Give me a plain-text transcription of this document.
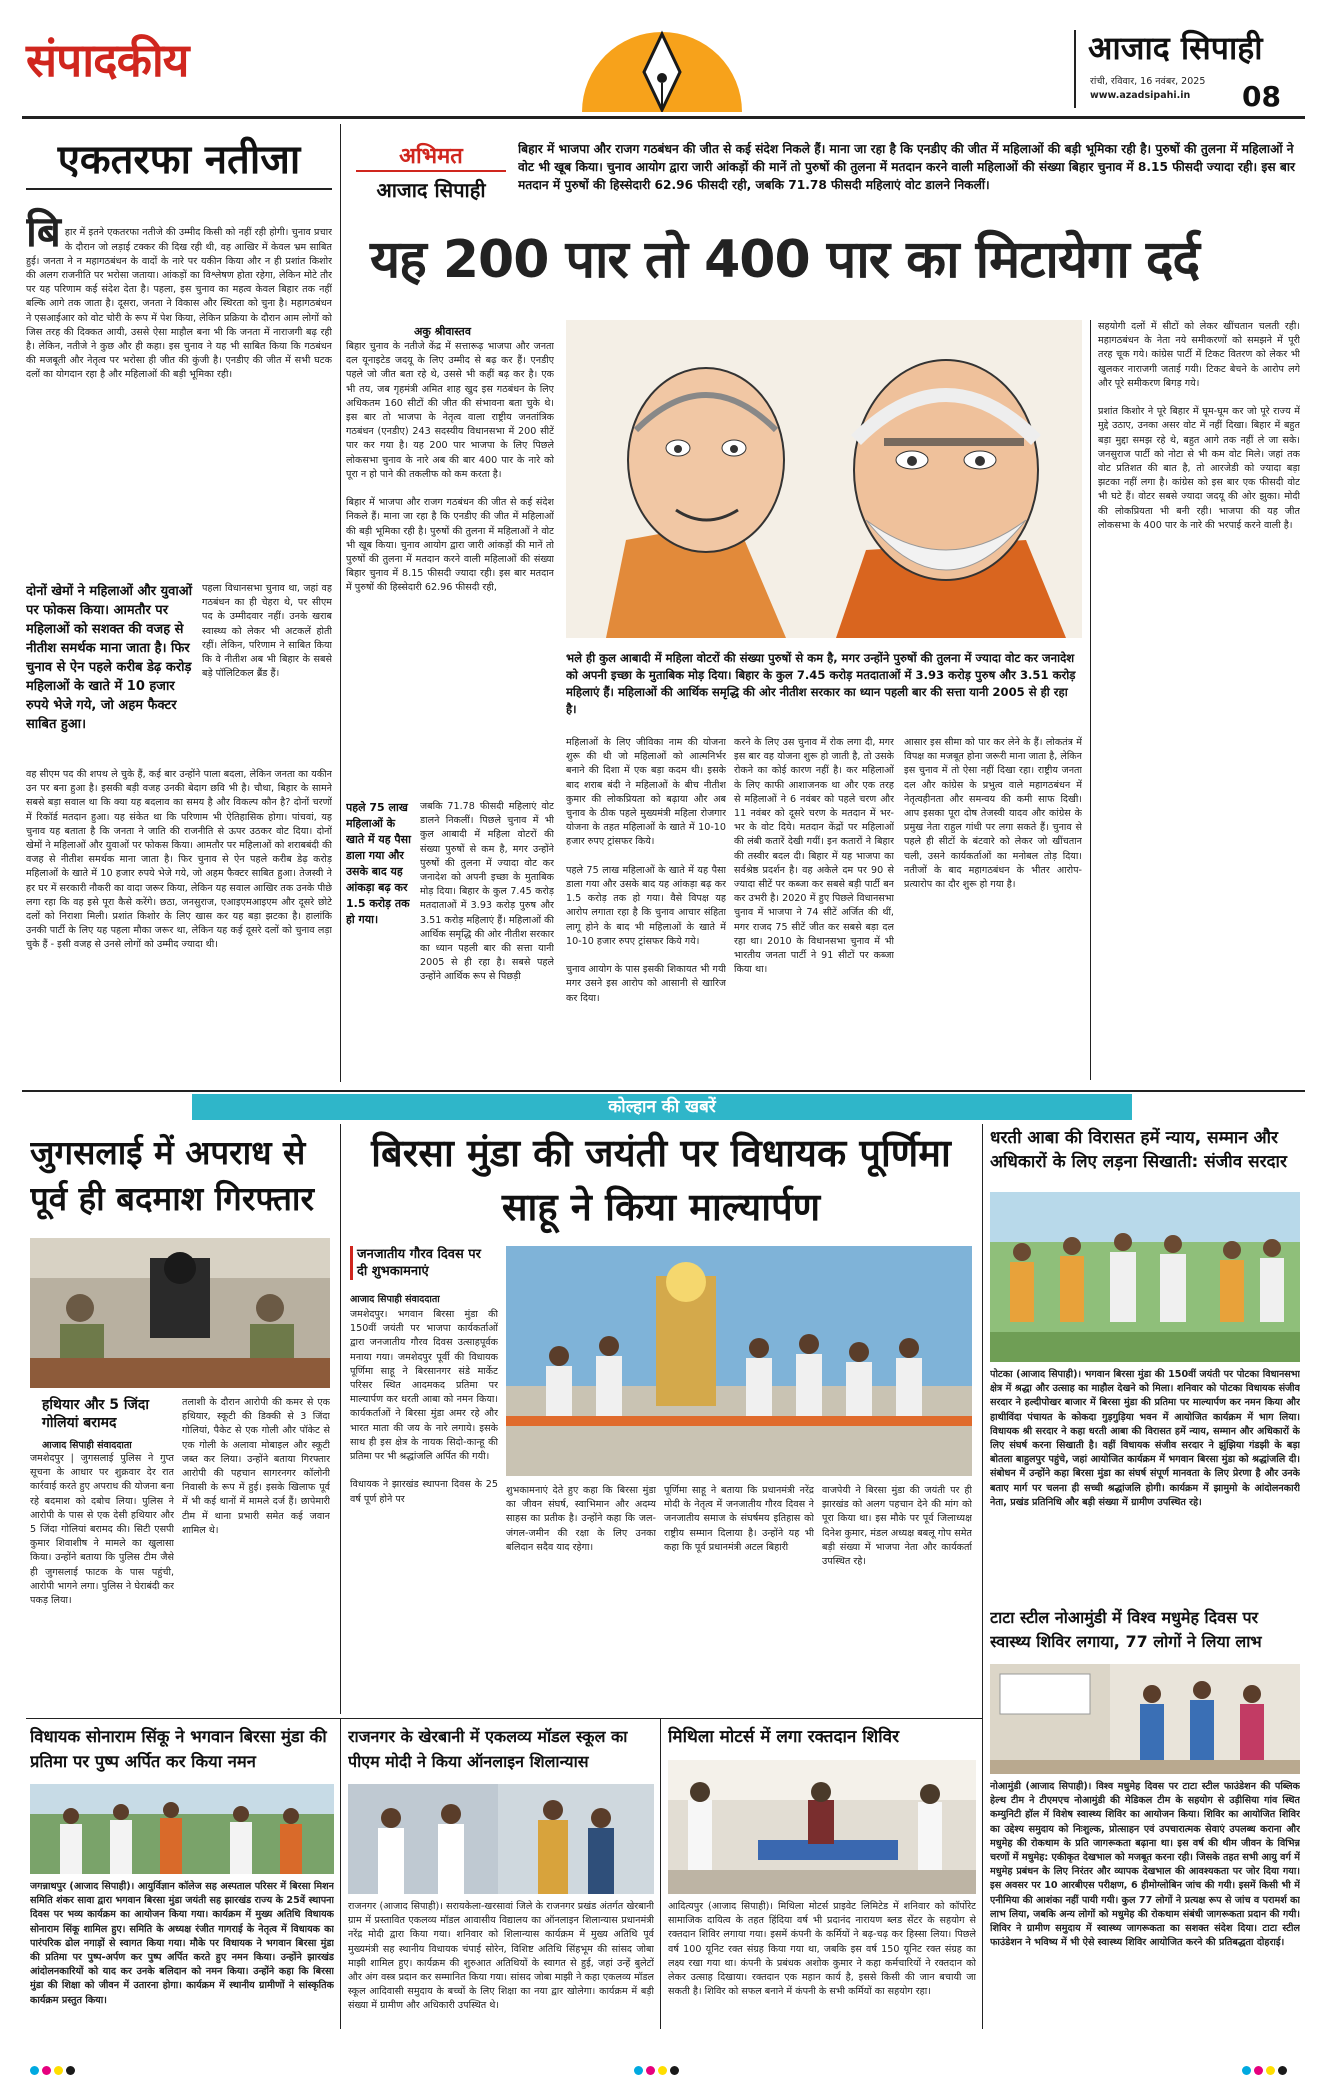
संपादकीय	आजाद सिपाही
रांची, रविवार, 16 नवंबर, 2025
www.azadsipahi.in 08
एकतरफा नतीजा

बि हार में इतने एकतरफा नतीजे की उम्मीद किसी को नहीं रही होगी। चुनाव प्रचार के दौरान जो लड़ाई टक्कर की दिख रही थी, वह आखिर में केवल भ्रम साबित हुई। जनता ने न महागठबंधन के वादों के नारे पर यकीन किया और न ही प्रशांत किशोर की अलग राजनीति पर भरोसा जताया। आंकड़ों का विश्लेषण होता रहेगा, लेकिन मोटे तौर पर यह परिणाम कई संदेश देता है। पहला, इस चुनाव का महत्व केवल बिहार तक नहीं बल्कि आगे तक जाता है। दूसरा, जनता ने विकास और स्थिरता को चुना है। महागठबंधन ने एसआईआर को वोट चोरी के रूप में पेश किया, लेकिन प्रक्रिया के दौरान आम लोगों को जिस तरह की दिक्कत आयी, उससे ऐसा माहौल बना भी कि जनता में नाराजगी बढ़ रही है। लेकिन, नतीजे ने कुछ और ही कहा। इस चुनाव ने यह भी साबित किया कि गठबंधन की मजबूती और नेतृत्व पर भरोसा ही जीत की कुंजी है। एनडीए की जीत में सभी घटक दलों का योगदान रहा है और महिलाओं की बड़ी भूमिका रही।

दोनों खेमों ने महिलाओं और युवाओं पर फोकस किया। आमतौर पर महिलाओं को सशक्त की वजह से नीतीश समर्थक माना जाता है। फिर चुनाव से ऐन पहले करीब डेढ़ करोड़ महिलाओं के खाते में 10 हजार रुपये भेजे गये, जो अहम फैक्टर साबित हुआ।
पहला विधानसभा चुनाव था, जहां वह गठबंधन का ही चेहरा थे, पर सीएम पद के उम्मीदवार नहीं। उनके खराब स्वास्थ्य को लेकर भी अटकलें होती रहीं। लेकिन, परिणाम ने साबित किया कि वे नीतीश अब भी बिहार के सबसे बड़े पॉलिटिकल ब्रैंड हैं।
वह सीएम पद की शपथ ले चुके हैं, कई बार उन्होंने पाला बदला, लेकिन जनता का यकीन उन पर बना हुआ है। इसकी बड़ी वजह उनकी बेदाग छवि भी है। चौथा, बिहार के सामने सबसे बड़ा सवाल था कि क्या यह बदलाव का समय है और विकल्प कौन है? दोनों चरणों में रिकॉर्ड मतदान हुआ। यह संकेत था कि परिणाम भी ऐतिहासिक होगा। पांचवां, यह चुनाव यह बताता है कि जनता ने जाति की राजनीति से ऊपर उठकर वोट दिया। दोनों खेमों ने महिलाओं और युवाओं पर फोकस किया। आमतौर पर महिलाओं को शराबबंदी की वजह से नीतीश समर्थक माना जाता है। फिर चुनाव से ऐन पहले करीब डेढ़ करोड़ महिलाओं के खाते में 10 हजार रुपये भेजे गये, जो अहम फैक्टर साबित हुआ। तेजस्वी ने हर घर में सरकारी नौकरी का वादा जरूर किया, लेकिन यह सवाल आखिर तक उनके पीछे लगा रहा कि वह इसे पूरा कैसे करेंगे। छठा, जनसुराज, एआइएमआइएम और दूसरे छोटे दलों को निराशा मिली। प्रशांत किशोर के लिए खास कर यह बड़ा झटका है। हालांकि उनकी पार्टी के लिए यह पहला मौका जरूर था, लेकिन यह कई दूसरे दलों को चुनाव लड़ा चुके हैं - इसी वजह से उनसे लोगों को उम्मीद ज्यादा थी।
अभिमत
आजाद सिपाही
बिहार में भाजपा और राजग गठबंधन की जीत से कई संदेश निकले हैं। माना जा रहा है कि एनडीए की जीत में महिलाओं की बड़ी भूमिका रही है। पुरुषों की तुलना में महिलाओं ने वोट भी खूब किया। चुनाव आयोग द्वारा जारी आंकड़ों की मानें तो पुरुषों की तुलना में मतदान करने वाली महिलाओं की संख्या बिहार चुनाव में 8.15 फीसदी ज्यादा रही। इस बार मतदान में पुरुषों की हिस्सेदारी 62.96 फीसदी रही, जबकि 71.78 फीसदी महिलाएं वोट डालने निकलीं।
यह 200 पार तो 400 पार का मिटायेगा दर्द
अकु श्रीवास्तव
बिहार चुनाव के नतीजे केंद्र में सत्तारूढ़ भाजपा और जनता दल यूनाइटेड जदयू के लिए उम्मीद से बढ़ कर हैं। एनडीए पहले जो जीत बता रहे थे, उससे भी कहीं बढ़ कर है। एक भी तय, जब गृहमंत्री अमित शाह खुद इस गठबंधन के लिए अधिकतम 160 सीटों की जीत की संभावना बता चुके थे। इस बार तो भाजपा के नेतृत्व वाला राष्ट्रीय जनतांत्रिक गठबंधन (एनडीए) 243 सदस्यीय विधानसभा में 200 सीटें पार कर गया है। यह 200 पार भाजपा के लिए पिछले लोकसभा चुनाव के नारे अब की बार 400 पार के नारे को पूरा न हो पाने की तकलीफ को कम करता है।

बिहार में भाजपा और राजग गठबंधन की जीत से कई संदेश निकले हैं। माना जा रहा है कि एनडीए की जीत में महिलाओं की बड़ी भूमिका रही है। पुरुषों की तुलना में महिलाओं ने वोट भी खूब किया। चुनाव आयोग द्वारा जारी आंकड़ों की मानें तो पुरुषों की तुलना में मतदान करने वाली महिलाओं की संख्या बिहार चुनाव में 8.15 फीसदी ज्यादा रही। इस बार मतदान में पुरुषों की हिस्सेदारी 62.96 फीसदी रही,
पहले 75 लाख महिलाओं के खाते में यह पैसा डाला गया और उसके बाद यह आंकड़ा बढ़ कर 1.5 करोड़ तक हो गया।
जबकि 71.78 फीसदी महिलाएं वोट डालने निकलीं। पिछले चुनाव में भी कुल आबादी में महिला वोटरों की संख्या पुरुषों से कम है, मगर उन्होंने पुरुषों की तुलना में ज्यादा वोट कर जनादेश को अपनी इच्छा के मुताबिक मोड़ दिया। बिहार के कुल 7.45 करोड़ मतदाताओं में 3.93 करोड़ पुरुष और 3.51 करोड़ महिलाएं हैं। महिलाओं की आर्थिक समृद्धि की ओर नीतीश सरकार का ध्यान पहली बार की सत्ता यानी 2005 से ही रहा है। सबसे पहले उन्होंने आर्थिक रूप से पिछड़ी
भले ही कुल आबादी में महिला वोटरों की संख्या पुरुषों से कम है, मगर उन्होंने पुरुषों की तुलना में ज्यादा वोट कर जनादेश को अपनी इच्छा के मुताबिक मोड़ दिया। बिहार के कुल 7.45 करोड़ मतदाताओं में 3.93 करोड़ पुरुष और 3.51 करोड़ महिलाएं हैं। महिलाओं की आर्थिक समृद्धि की ओर नीतीश सरकार का ध्यान पहली बार की सत्ता यानी 2005 से ही रहा है।
महिलाओं के लिए जीविका नाम की योजना शुरू की थी जो महिलाओं को आत्मनिर्भर बनाने की दिशा में एक बड़ा कदम थी। इसके बाद शराब बंदी ने महिलाओं के बीच नीतीश कुमार की लोकप्रियता को बढ़ाया और अब चुनाव के ठीक पहले मुख्यमंत्री महिला रोजगार योजना के तहत महिलाओं के खाते में 10-10 हजार रुपए ट्रांसफर किये।

पहले 75 लाख महिलाओं के खाते में यह पैसा डाला गया और उसके बाद यह आंकड़ा बढ़ कर 1.5 करोड़ तक हो गया। वैसे विपक्ष यह आरोप लगाता रहा है कि चुनाव आचार संहिता लागू होने के बाद भी महिलाओं के खाते में 10-10 हजार रुपए ट्रांसफर किये गये।

चुनाव आयोग के पास इसकी शिकायत भी गयी मगर उसने इस आरोप को आसानी से खारिज कर दिया।
करने के लिए उस चुनाव में रोक लगा दी, मगर इस बार वह योजना शुरू हो जाती है, तो उसके रोकने का कोई कारण नहीं है। कर महिलाओं के लिए काफी आशाजनक था और एक तरह से महिलाओं ने 6 नवंबर को पहले चरण और 11 नवंबर को दूसरे चरण के मतदान में भर-भर के वोट दिये। मतदान केंद्रों पर महिलाओं की लंबी कतारें देखी गयीं। इन कतारों ने बिहार की तस्वीर बदल दी। बिहार में यह भाजपा का सर्वश्रेष्ठ प्रदर्शन है। वह अकेले दम पर 90 से ज्यादा सीटें पर कब्जा कर सबसे बड़ी पार्टी बन कर उभरी है। 2020 में हुए पिछले विधानसभा चुनाव में भाजपा ने 74 सीटें अर्जित की थीं, मगर राजद 75 सीटें जीत कर सबसे बड़ा दल रहा था। 2010 के विधानसभा चुनाव में भी भारतीय जनता पार्टी ने 91 सीटों पर कब्जा किया था।
आसार इस सीमा को पार कर लेने के हैं। लोकतंत्र में विपक्ष का मजबूत होना जरूरी माना जाता है, लेकिन इस चुनाव में तो ऐसा नहीं दिखा रहा। राष्ट्रीय जनता दल और कांग्रेस के प्रभुत्व वाले महागठबंधन में नेतृत्वहीनता और समन्वय की कमी साफ दिखी। आप इसका पूरा दोष तेजस्वी यादव और कांग्रेस के प्रमुख नेता राहुल गांधी पर लगा सकते हैं। चुनाव से पहले ही सीटों के बंटवारे को लेकर जो खींचतान चली, उसने कार्यकर्ताओं का मनोबल तोड़ दिया। नतीजों के बाद महागठबंधन के भीतर आरोप-प्रत्यारोप का दौर शुरू हो गया है।
सहयोगी दलों में सीटों को लेकर खींचतान चलती रही। महागठबंधन के नेता नये समीकरणों को समझने में पूरी तरह चूक गये। कांग्रेस पार्टी में टिकट वितरण को लेकर भी खुलकर नाराजगी जताई गयी। टिकट बेचने के आरोप लगे और पूरे समीकरण बिगड़ गये।

प्रशांत किशोर ने पूरे बिहार में घूम-घूम कर जो पूरे राज्य में मुद्दे उठाए, उनका असर वोट में नहीं दिखा। बिहार में बहुत बड़ा मुद्दा समझ रहे थे, बहुत आगे तक नहीं ले जा सके। जनसुराज पार्टी को नोटा से भी कम वोट मिले। जहां तक वोट प्रतिशत की बात है, तो आरजेडी को ज्यादा बड़ा झटका नहीं लगा है। कांग्रेस को इस बार एक फीसदी वोट भी घटे हैं। वोटर सबसे ज्यादा जदयू की ओर झुका। मोदी की लोकप्रियता भी बनी रही। भाजपा की यह जीत लोकसभा के 400 पार के नारे की भरपाई करने वाली है।
कोल्हान की खबरें
जुगसलाई में अपराध से पूर्व ही बदमाश गिरफ्तार
हथियार और 5 जिंदा गोलियां बरामद
आजाद सिपाही संवाददाता
जमशेदपुर | जुगसलाई पुलिस ने गुप्त सूचना के आधार पर शुक्रवार देर रात कार्रवाई करते हुए अपराध की योजना बना रहे बदमाश को दबोच लिया। पुलिस ने आरोपी के पास से एक देसी हथियार और 5 जिंदा गोलियां बरामद की। सिटी एसपी कुमार शिवाशीष ने मामले का खुलासा किया। उन्होंने बताया कि पुलिस टीम जैसे ही जुगसलाई फाटक के पास पहुंची, आरोपी भागने लगा। पुलिस ने घेराबंदी कर पकड़ लिया।
तलाशी के दौरान आरोपी की कमर से एक हथियार, स्कूटी की डिक्की से 3 जिंदा गोलियां, पैकेट से एक गोली और पॉकेट से एक गोली के अलावा मोबाइल और स्कूटी जब्त कर लिया। उन्होंने बताया गिरफ्तार आरोपी की पहचान सागरनगर कॉलोनी निवासी के रूप में हुई। इसके खिलाफ पूर्व में भी कई थानों में मामले दर्ज हैं। छापेमारी टीम में थाना प्रभारी समेत कई जवान शामिल थे।
बिरसा मुंडा की जयंती पर विधायक पूर्णिमा साहू ने किया माल्यार्पण
जनजातीय गौरव दिवस पर दी शुभकामनाएं
आजाद सिपाही संवाददाता
जमशेदपुर। भगवान बिरसा मुंडा की 150वीं जयंती पर भाजपा कार्यकर्ताओं द्वारा जनजातीय गौरव दिवस उत्साहपूर्वक मनाया गया। जमशेदपुर पूर्वी की विधायक पूर्णिमा साहू ने बिरसानगर संडे मार्केट परिसर स्थित आदमकद प्रतिमा पर माल्यार्पण कर धरती आबा को नमन किया। कार्यकर्ताओं ने बिरसा मुंडा अमर रहे और भारत माता की जय के नारे लगाये। इसके साथ ही इस क्षेत्र के नायक सिदो-कान्हू की प्रतिमा पर भी श्रद्धांजलि अर्पित की गयी।

विधायक ने झारखंड स्थापना दिवस के 25 वर्ष पूर्ण होने पर
शुभकामनाएं देते हुए कहा कि बिरसा मुंडा का जीवन संघर्ष, स्वाभिमान और अदम्य साहस का प्रतीक है। उन्होंने कहा कि जल-जंगल-जमीन की रक्षा के लिए उनका बलिदान सदैव याद रहेगा।
पूर्णिमा साहू ने बताया कि प्रधानमंत्री नरेंद्र मोदी के नेतृत्व में जनजातीय गौरव दिवस ने जनजातीय समाज के संघर्षमय इतिहास को राष्ट्रीय सम्मान दिलाया है। उन्होंने यह भी कहा कि पूर्व प्रधानमंत्री अटल बिहारी
वाजपेयी ने बिरसा मुंडा की जयंती पर ही झारखंड को अलग पहचान देने की मांग को पूरा किया था। इस मौके पर पूर्व जिलाध्यक्ष दिनेश कुमार, मंडल अध्यक्ष बबलू गोप समेत बड़ी संख्या में भाजपा नेता और कार्यकर्ता उपस्थित रहे।
धरती आबा की विरासत हमें न्याय, सम्मान और अधिकारों के लिए लड़ना सिखाती: संजीव सरदार
पोटका (आजाद सिपाही)। भगवान बिरसा मुंडा की 150वीं जयंती पर पोटका विधानसभा क्षेत्र में श्रद्धा और उत्साह का माहौल देखने को मिला। शनिवार को पोटका विधायक संजीव सरदार ने हल्दीपोखर बाजार में बिरसा मुंडा की प्रतिमा पर माल्यार्पण कर नमन किया और हाथीविंदा पंचायत के कोकदा गुड़गुड़िया भवन में आयोजित कार्यक्रम में भाग लिया। विधायक श्री सरदार ने कहा धरती आबा की विरासत हमें न्याय, सम्मान और अधिकारों के लिए संघर्ष करना सिखाती है। वहीं विधायक संजीव सरदार ने झुंझिया गंडझी के बड़ा बोतला बाहुलपुर पहुंचे, जहां आयोजित कार्यक्रम में भगवान बिरसा मुंडा को श्रद्धांजलि दी। संबोधन में उन्होंने कहा बिरसा मुंडा का संघर्ष संपूर्ण मानवता के लिए प्रेरणा है और उनके बताए मार्ग पर चलना ही सच्ची श्रद्धांजलि होगी। कार्यक्रम में झामुमो के आंदोलनकारी नेता, प्रखंड प्रतिनिधि और बड़ी संख्या में ग्रामीण उपस्थित रहे।
टाटा स्टील नोआमुंडी में विश्व मधुमेह दिवस पर स्वास्थ्य शिविर लगाया, 77 लोगों ने लिया लाभ
नोआमुंडी (आजाद सिपाही)। विश्व मधुमेह दिवस पर टाटा स्टील फाउंडेशन की पब्लिक हेल्थ टीम ने टीएमएच नोआमुंडी की मेडिकल टीम के सहयोग से उड़ीसिया गांव स्थित कम्युनिटी हॉल में विशेष स्वास्थ्य शिविर का आयोजन किया। शिविर का आयोजित शिविर का उद्देश्य समुदाय को निःशुल्क, प्रोत्साहन एवं उपचारात्मक सेवाएं उपलब्ध कराना और मधुमेह की रोकथाम के प्रति जागरूकता बढ़ाना था। इस वर्ष की थीम जीवन के विभिन्न चरणों में मधुमेह: एकीकृत देखभाल को मजबूत करना रही। जिसके तहत सभी आयु वर्ग में मधुमेह प्रबंधन के लिए निरंतर और व्यापक देखभाल की आवश्यकता पर जोर दिया गया। इस अवसर पर 10 आरबीएस परीक्षण, 6 हीमोग्लोबिन जांच की गयी। इसमें किसी भी में एनीमिया की आशंका नहीं पायी गयी। कुल 77 लोगों ने प्रत्यक्ष रूप से जांच व परामर्श का लाभ लिया, जबकि अन्य लोगों को मधुमेह की रोकथाम संबंधी जागरूकता प्रदान की गयी। शिविर ने ग्रामीण समुदाय में स्वास्थ्य जागरूकता का सशक्त संदेश दिया। टाटा स्टील फाउंडेशन ने भविष्य में भी ऐसे स्वास्थ्य शिविर आयोजित करने की प्रतिबद्धता दोहराई।
विधायक सोनाराम सिंकू ने भगवान बिरसा मुंडा की प्रतिमा पर पुष्प अर्पित कर किया नमन
जगन्नाथपुर (आजाद सिपाही)। आयुर्विज्ञान कॉलेज सह अस्पताल परिसर में बिरसा मिशन समिति शंकर सावा द्वारा भगवान बिरसा मुंडा जयंती सह झारखंड राज्य के 25वें स्थापना दिवस पर भव्य कार्यक्रम का आयोजन किया गया। कार्यक्रम में मुख्य अतिथि विधायक सोनाराम सिंकू शामिल हुए। समिति के अध्यक्ष रंजीत गागराई के नेतृत्व में विधायक का पारंपरिक ढोल नगाड़ों से स्वागत किया गया। मौके पर विधायक ने भगवान बिरसा मुंडा की प्रतिमा पर पुष्प-अर्पण कर पुष्प अर्पित करते हुए नमन किया। उन्होंने झारखंड आंदोलनकारियों को याद कर उनके बलिदान को नमन किया। उन्होंने कहा कि बिरसा मुंडा की शिक्षा को जीवन में उतारना होगा। कार्यक्रम में स्थानीय ग्रामीणों ने सांस्कृतिक कार्यक्रम प्रस्तुत किया।
राजनगर के खेरबानी में एकलव्य मॉडल स्कूल का पीएम मोदी ने किया ऑनलाइन शिलान्यास
राजनगर (आजाद सिपाही)। सरायकेला-खरसावां जिले के राजनगर प्रखंड अंतर्गत खेरबानी ग्राम में प्रस्तावित एकलव्य मॉडल आवासीय विद्यालय का ऑनलाइन शिलान्यास प्रधानमंत्री नरेंद्र मोदी द्वारा किया गया। शनिवार को शिलान्यास कार्यक्रम में मुख्य अतिथि पूर्व मुख्यमंत्री सह स्थानीय विधायक चंपाई सोरेन, विशिष्ट अतिथि सिंहभूम की सांसद जोबा माझी शामिल हुए। कार्यक्रम की शुरुआत अतिथियों के स्वागत से हुई, जहां उन्हें बुलेटों और अंग वस्त्र प्रदान कर सम्मानित किया गया। सांसद जोबा माझी ने कहा एकलव्य मॉडल स्कूल आदिवासी समुदाय के बच्चों के लिए शिक्षा का नया द्वार खोलेगा। कार्यक्रम में बड़ी संख्या में ग्रामीण और अधिकारी उपस्थित थे।
मिथिला मोटर्स में लगा रक्तदान शिविर
आदित्यपुर (आजाद सिपाही)। मिथिला मोटर्स प्राइवेट लिमिटेड में शनिवार को कॉर्पोरेट सामाजिक दायित्व के तहत हिंदिया वर्ष भी प्रदानंद नारायण ब्लड सेंटर के सहयोग से रक्तदान शिविर लगाया गया। इसमें कंपनी के कर्मियों ने बढ़-चढ़ कर हिस्सा लिया। पिछले वर्ष 100 यूनिट रक्त संग्रह किया गया था, जबकि इस वर्ष 150 यूनिट रक्त संग्रह का लक्ष्य रखा गया था। कंपनी के प्रबंधक अशोक कुमार ने कहा कर्मचारियों ने रक्तदान को लेकर उत्साह दिखाया। रक्तदान एक महान कार्य है, इससे किसी की जान बचायी जा सकती है। शिविर को सफल बनाने में कंपनी के सभी कर्मियों का सहयोग रहा।
